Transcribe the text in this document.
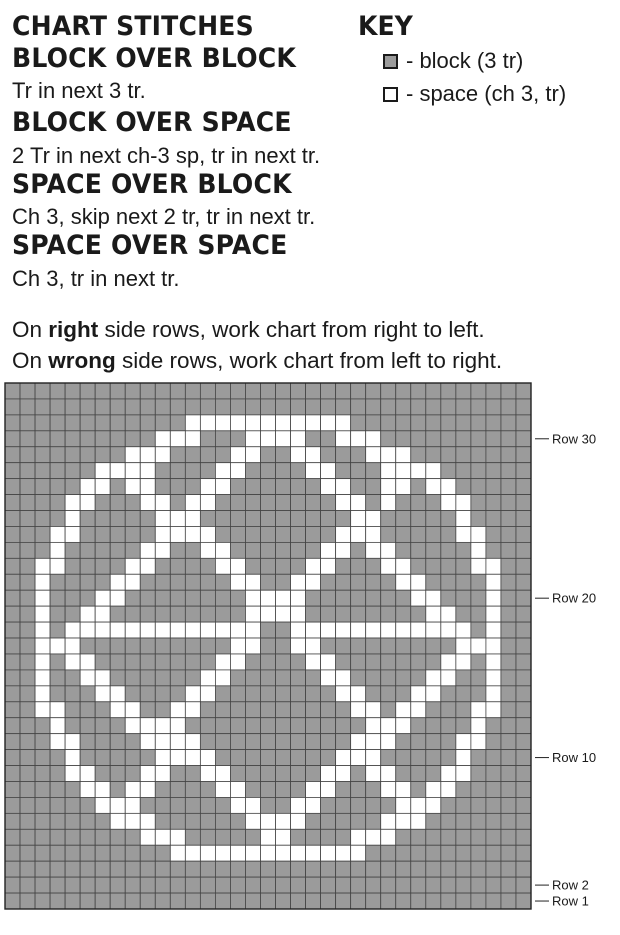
CHART STITCHES
BLOCK OVER BLOCK
Tr in next 3 tr.
BLOCK OVER SPACE
2 Tr in next ch-3 sp, tr in next tr.
SPACE OVER BLOCK
Ch 3, skip next 2 tr, tr in next tr.
SPACE OVER SPACE
Ch 3, tr in next tr.
KEY
- block (3 tr)
- space (ch 3, tr)
On right side rows, work chart from right to left.
On wrong side rows, work chart from left to right.
Row 30
Row 20
Row 10
Row 2
Row 1
